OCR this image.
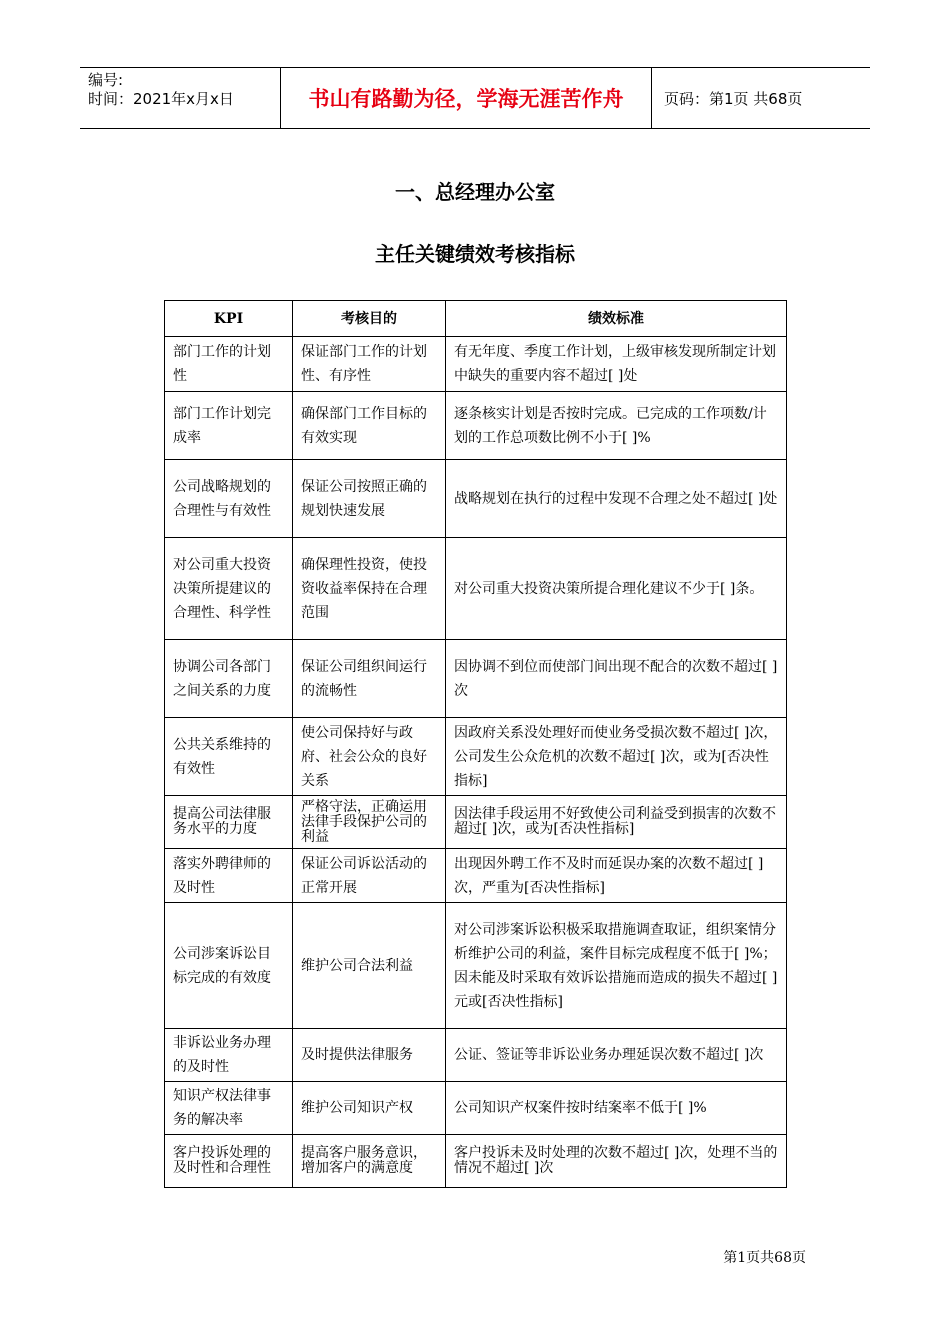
编号:
时间：2021年x月x日	书山有路勤为径，学海无涯苦作舟	页码：第1页 共68页
一、总经理办公室
主任关键绩效考核指标
KPI	考核目的	绩效标准
部门工作的计划性	保证部门工作的计划性、有序性	有无年度、季度工作计划，上级审核发现所制定计划中缺失的重要内容不超过[ ]处
部门工作计划完成率	确保部门工作目标的有效实现	逐条核实计划是否按时完成。已完成的工作项数/计划的工作总项数比例不小于[ ]%
公司战略规划的合理性与有效性	保证公司按照正确的规划快速发展	战略规划在执行的过程中发现不合理之处不超过[ ]处
对公司重大投资决策所提建议的合理性、科学性	确保理性投资，使投资收益率保持在合理范围	对公司重大投资决策所提合理化建议不少于[ ]条。
协调公司各部门之间关系的力度	保证公司组织间运行的流畅性	因协调不到位而使部门间出现不配合的次数不超过[ ]次
公共关系维持的有效性	使公司保持好与政府、社会公众的良好关系	因政府关系没处理好而使业务受损次数不超过[ ]次，公司发生公众危机的次数不超过[ ]次，或为[否决性指标]
提高公司法律服务水平的力度	严格守法，正确运用法律手段保护公司的利益	因法律手段运用不好致使公司利益受到损害的次数不超过[ ]次，或为[否决性指标]
落实外聘律师的及时性	保证公司诉讼活动的正常开展	出现因外聘工作不及时而延误办案的次数不超过[ ]次，严重为[否决性指标]
公司涉案诉讼目标完成的有效度	维护公司合法利益	对公司涉案诉讼积极采取措施调查取证，组织案情分析维护公司的利益，案件目标完成程度不低于[ ]%；因未能及时采取有效诉讼措施而造成的损失不超过[ ]元或[否决性指标]
非诉讼业务办理的及时性	及时提供法律服务	公证、签证等非诉讼业务办理延误次数不超过[ ]次
知识产权法律事务的解决率	维护公司知识产权	公司知识产权案件按时结案率不低于[ ]%
客户投诉处理的及时性和合理性	提高客户服务意识，增加客户的满意度	客户投诉未及时处理的次数不超过[ ]次，处理不当的情况不超过[ ]次
第1页共68页
